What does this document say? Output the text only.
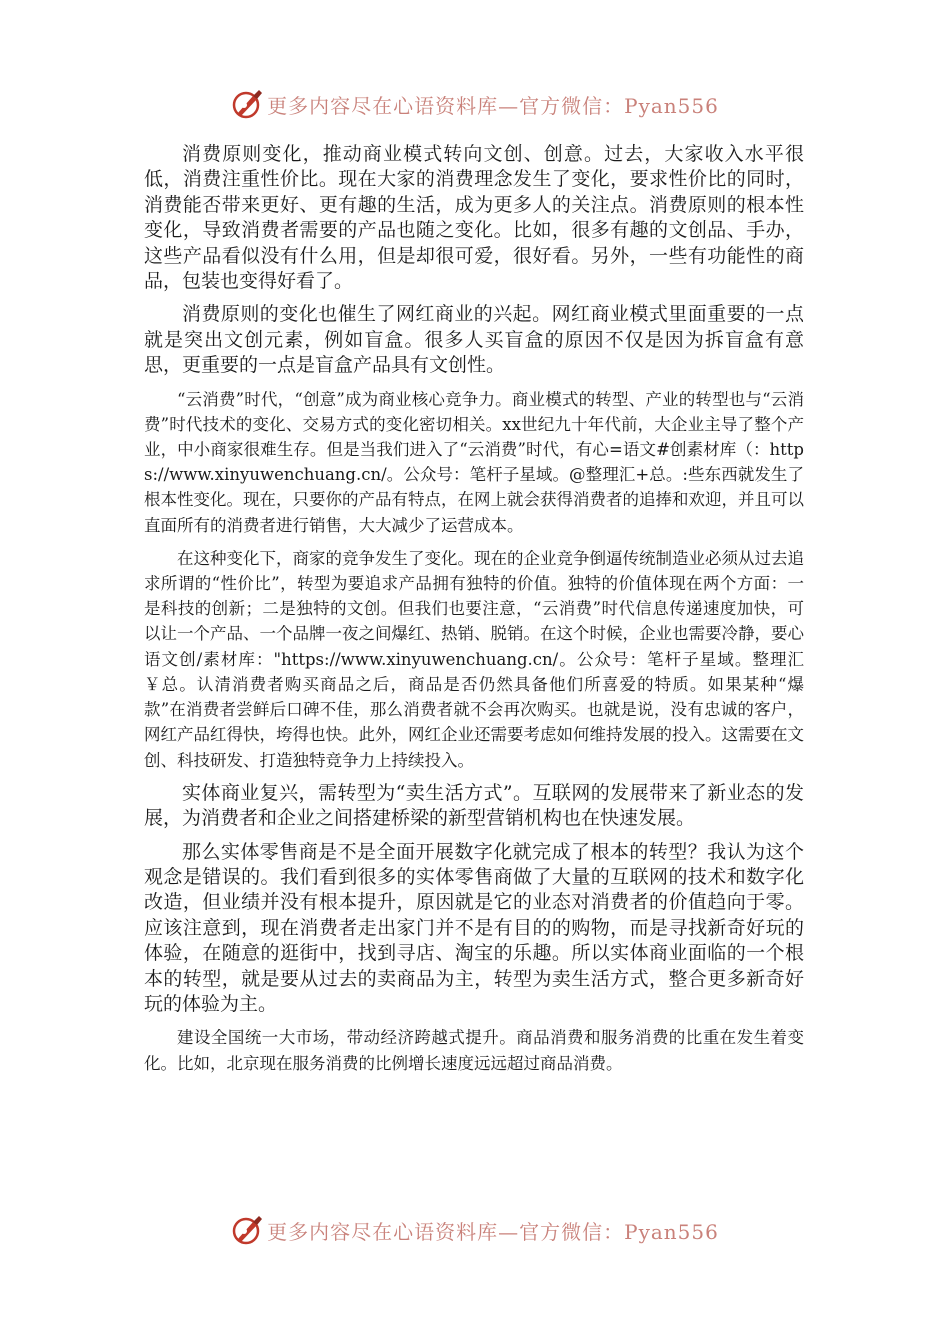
更多内容尽在心语资料库—官方微信：Pyan556

消费原则变化，推动商业模式转向文创、创意。过去，大家收入水平很低，消费注重性价比。现在大家的消费理念发生了变化，要求性价比的同时，消费能否带来更好、更有趣的生活，成为更多人的关注点。消费原则的根本性变化，导致消费者需要的产品也随之变化。比如，很多有趣的文创品、手办，这些产品看似没有什么用，但是却很可爱，很好看。另外，一些有功能性的商品，包装也变得好看了。

消费原则的变化也催生了网红商业的兴起。网红商业模式里面重要的一点就是突出文创元素，例如盲盒。很多人买盲盒的原因不仅是因为拆盲盒有意思，更重要的一点是盲盒产品具有文创性。

“云消费”时代，“创意”成为商业核心竞争力。商业模式的转型、产业的转型也与“云消费”时代技术的变化、交易方式的变化密切相关。xx世纪九十年代前，大企业主导了整个产业，中小商家很难生存。但是当我们进入了“云消费”时代，有心=语文#创素材库（：https://www.xinyuwenchuang.cn/。公众号：笔杆子星域。@整理汇+总。:些东西就发生了根本性变化。现在，只要你的产品有特点，在网上就会获得消费者的追捧和欢迎，并且可以直面所有的消费者进行销售，大大减少了运营成本。

在这种变化下，商家的竞争发生了变化。现在的企业竞争倒逼传统制造业必须从过去追求所谓的“性价比”，转型为要追求产品拥有独特的价值。独特的价值体现在两个方面：一是科技的创新；二是独特的文创。但我们也要注意，“云消费”时代信息传递速度加快，可以让一个产品、一个品牌一夜之间爆红、热销、脱销。在这个时候，企业也需要冷静，要心语文创/素材库："https://www.xinyuwenchuang.cn/。公众号：笔杆子星域。整理汇￥总。认清消费者购买商品之后，商品是否仍然具备他们所喜爱的特质。如果某种“爆款”在消费者尝鲜后口碑不佳，那么消费者就不会再次购买。也就是说，没有忠诚的客户，网红产品红得快，垮得也快。此外，网红企业还需要考虑如何维持发展的投入。这需要在文创、科技研发、打造独特竞争力上持续投入。

实体商业复兴，需转型为“卖生活方式”。互联网的发展带来了新业态的发展，为消费者和企业之间搭建桥梁的新型营销机构也在快速发展。

那么实体零售商是不是全面开展数字化就完成了根本的转型？我认为这个观念是错误的。我们看到很多的实体零售商做了大量的互联网的技术和数字化改造，但业绩并没有根本提升，原因就是它的业态对消费者的价值趋向于零。应该注意到，现在消费者走出家门并不是有目的的购物，而是寻找新奇好玩的体验，在随意的逛街中，找到寻店、淘宝的乐趣。所以实体商业面临的一个根本的转型，就是要从过去的卖商品为主，转型为卖生活方式，整合更多新奇好玩的体验为主。

建设全国统一大市场，带动经济跨越式提升。商品消费和服务消费的比重在发生着变化。比如，北京现在服务消费的比例增长速度远远超过商品消费。

更多内容尽在心语资料库—官方微信：Pyan556
